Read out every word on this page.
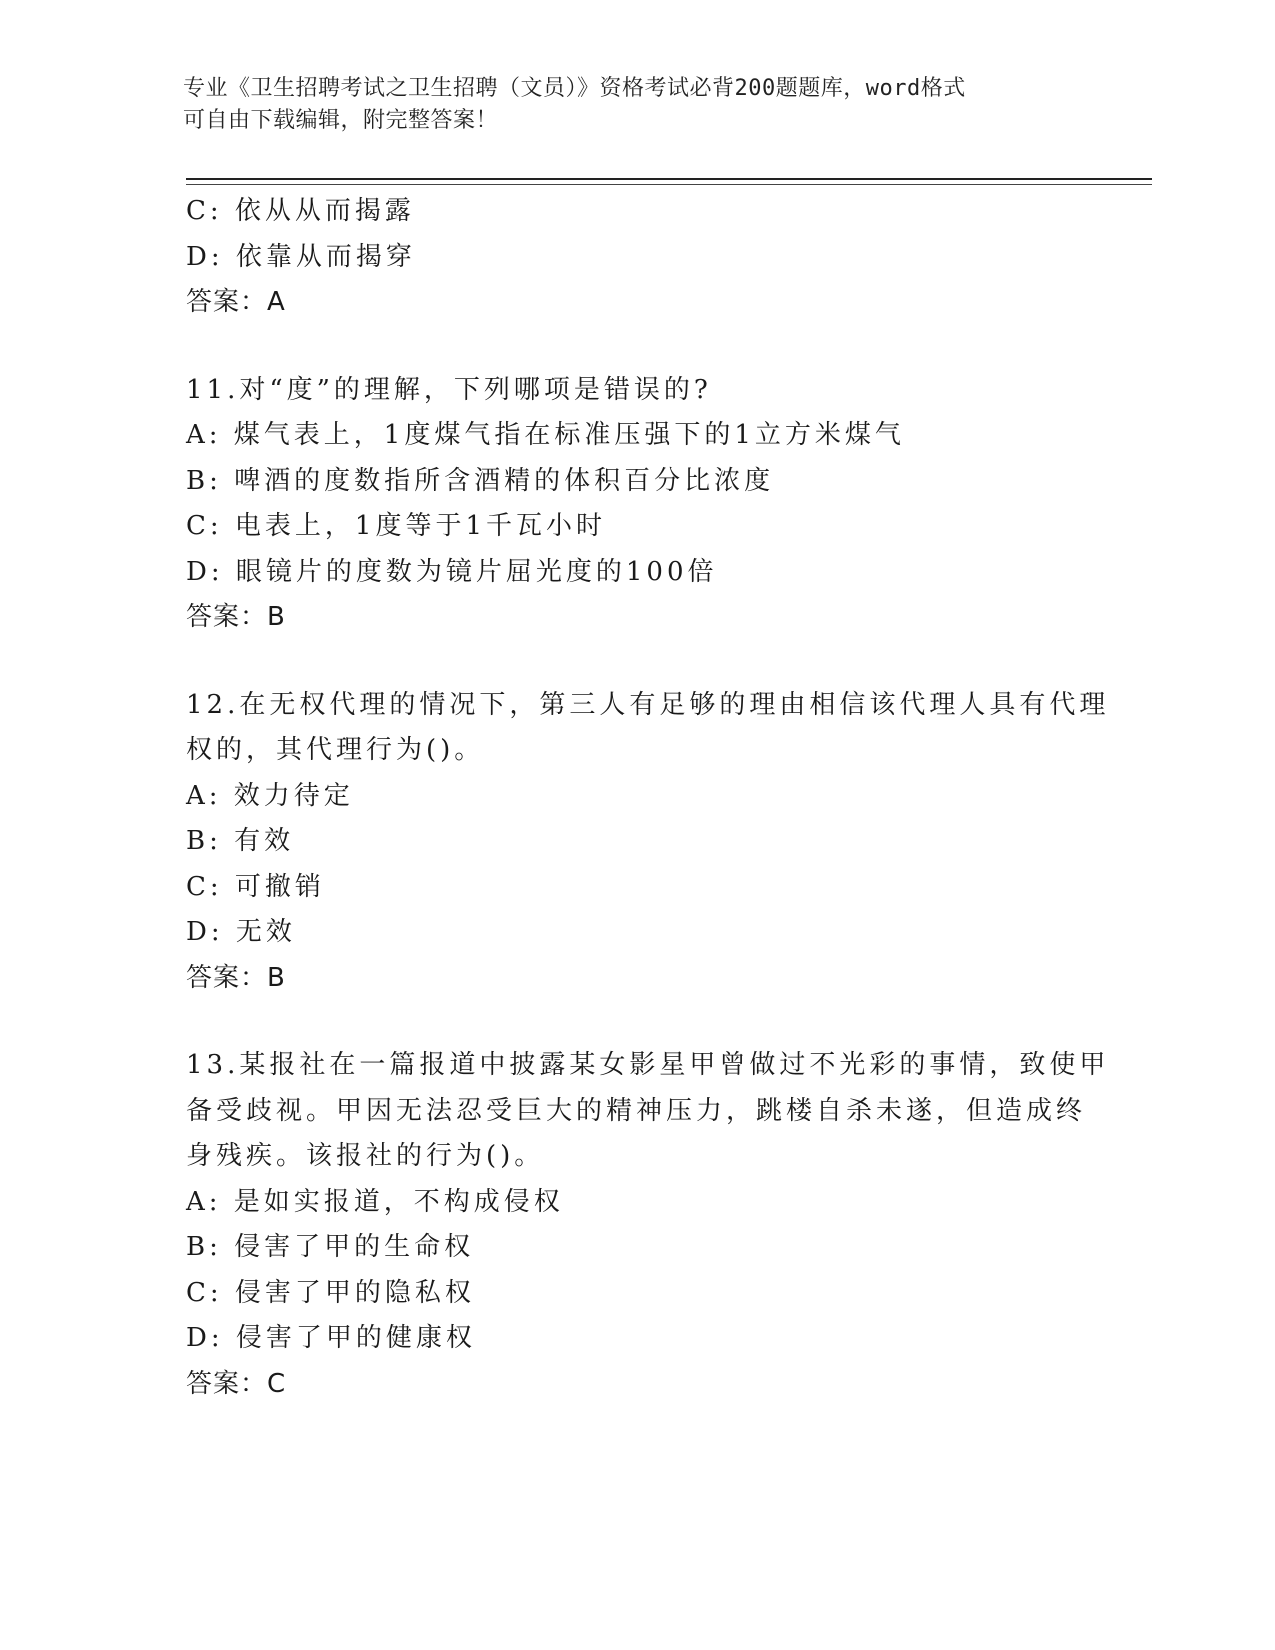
专业《卫生招聘考试之卫生招聘（文员）》资格考试必背200题题库，word格式
可自由下载编辑，附完整答案！
C: 依从从而揭露
D: 依靠从而揭穿
答案：A
11.对“度”的理解，下列哪项是错误的?
A: 煤气表上，1度煤气指在标准压强下的1立方米煤气
B: 啤酒的度数指所含酒精的体积百分比浓度
C: 电表上，1度等于1千瓦小时
D: 眼镜片的度数为镜片屈光度的100倍
答案：B
12.在无权代理的情况下，第三人有足够的理由相信该代理人具有代理
权的，其代理行为()。
A: 效力待定
B: 有效
C: 可撤销
D: 无效
答案：B
13.某报社在一篇报道中披露某女影星甲曾做过不光彩的事情，致使甲
备受歧视。甲因无法忍受巨大的精神压力，跳楼自杀未遂，但造成终
身残疾。该报社的行为()。
A: 是如实报道，不构成侵权
B: 侵害了甲的生命权
C: 侵害了甲的隐私权
D: 侵害了甲的健康权
答案：C
